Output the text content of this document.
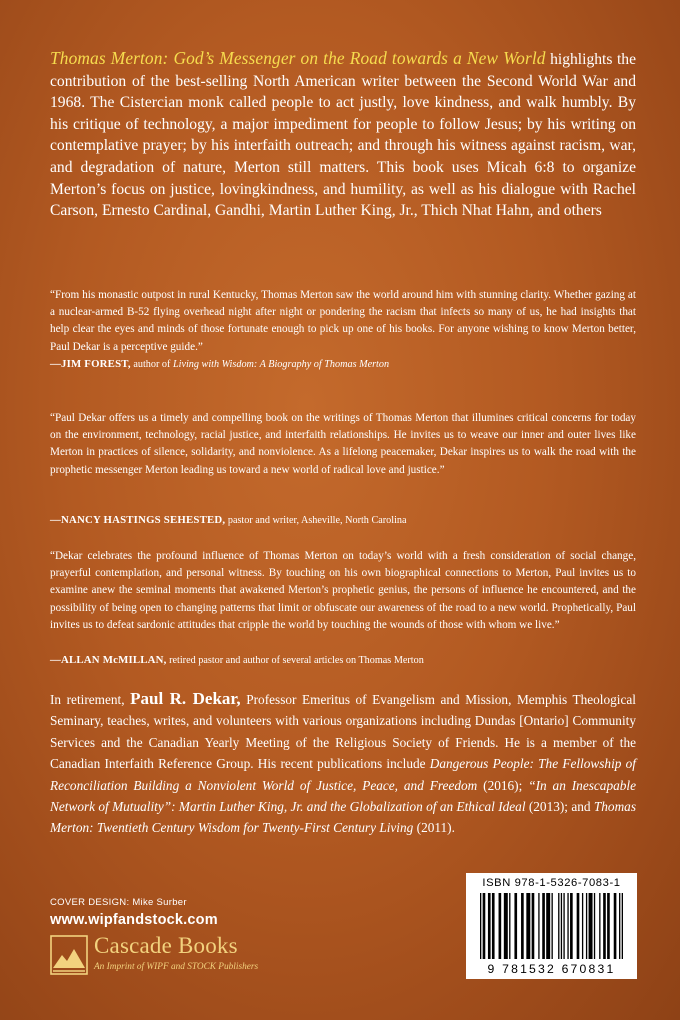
Thomas Merton: God’s Messenger on the Road towards a New World highlights the contribution of the best-selling North American writer between the Second World War and 1968. The Cistercian monk called people to act justly, love kindness, and walk humbly. By his critique of technology, a major impediment for people to follow Jesus; by his writing on contemplative prayer; by his interfaith outreach; and through his witness against racism, war, and degradation of nature, Merton still matters. This book uses Micah 6:8 to organize Merton’s focus on justice, lovingkindness, and humility, as well as his dialogue with Rachel Carson, Ernesto Cardinal, Gandhi, Martin Luther King, Jr., Thich Nhat Hahn, and others
“From his monastic outpost in rural Kentucky, Thomas Merton saw the world around him with stunning clarity. Whether gazing at a nuclear-armed B-52 flying overhead night after night or pondering the racism that infects so many of us, he had insights that help clear the eyes and minds of those fortunate enough to pick up one of his books. For anyone wishing to know Merton better, Paul Dekar is a perceptive guide.”
—JIM FOREST, author of Living with Wisdom: A Biography of Thomas Merton
“Paul Dekar offers us a timely and compelling book on the writings of Thomas Merton that illumines critical concerns for today on the environment, technology, racial justice, and interfaith relationships. He invites us to weave our inner and outer lives like Merton in practices of silence, solidarity, and nonviolence. As a lifelong peacemaker, Dekar inspires us to walk the road with the prophetic messenger Merton leading us toward a new world of radical love and justice.”
—NANCY HASTINGS SEHESTED, pastor and writer, Asheville, North Carolina
“Dekar celebrates the profound influence of Thomas Merton on today’s world with a fresh consideration of social change, prayerful contemplation, and personal witness. By touching on his own biographical connections to Merton, Paul invites us to examine anew the seminal moments that awakened Merton’s prophetic genius, the persons of influence he encountered, and the possibility of being open to changing patterns that limit or obfuscate our awareness of the road to a new world. Prophetically, Paul invites us to defeat sardonic attitudes that cripple the world by touching the wounds of those with whom we live.”
—ALLAN McMILLAN, retired pastor and author of several articles on Thomas Merton
In retirement, Paul R. Dekar, Professor Emeritus of Evangelism and Mission, Memphis Theological Seminary, teaches, writes, and volunteers with various organizations including Dundas [Ontario] Community Services and the Canadian Yearly Meeting of the Religious Society of Friends. He is a member of the Canadian Interfaith Reference Group. His recent publications include Dangerous People: The Fellowship of Reconciliation Building a Nonviolent World of Justice, Peace, and Freedom (2016); “In an Inescapable Network of Mutuality”: Martin Luther King, Jr. and the Globalization of an Ethical Ideal (2013); and Thomas Merton: Twentieth Century Wisdom for Twenty-First Century Living (2011).
COVER DESIGN: Mike Surber
www.wipfandstock.com
Cascade Books
An Imprint of WIPF and STOCK Publishers
ISBN 978-1-5326-7083-1
9 781532 670831
